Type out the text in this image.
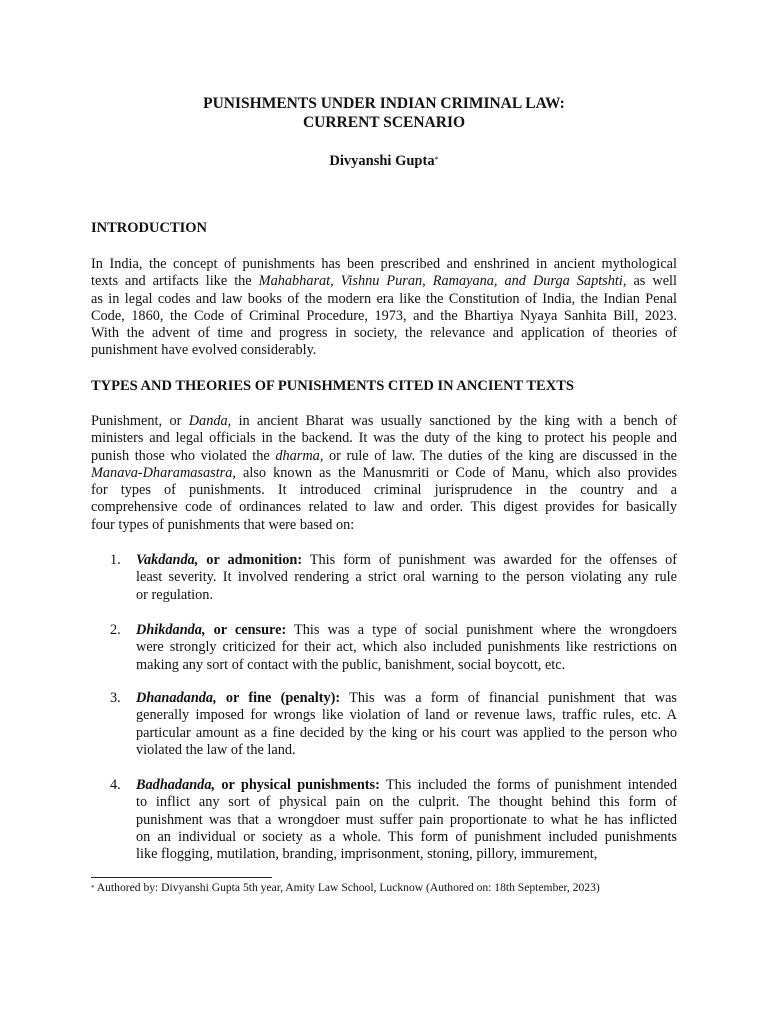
PUNISHMENTS UNDER INDIAN CRIMINAL LAW:
CURRENT SCENARIO
Divyanshi Gupta*
INTRODUCTION
In India, the concept of punishments has been prescribed and enshrined in ancient mythological
texts and artifacts like the Mahabharat, Vishnu Puran, Ramayana, and Durga Saptshti, as well
as in legal codes and law books of the modern era like the Constitution of India, the Indian Penal
Code, 1860, the Code of Criminal Procedure, 1973, and the Bhartiya Nyaya Sanhita Bill, 2023.
With the advent of time and progress in society, the relevance and application of theories of
punishment have evolved considerably.
TYPES AND THEORIES OF PUNISHMENTS CITED IN ANCIENT TEXTS
Punishment, or Danda, in ancient Bharat was usually sanctioned by the king with a bench of
ministers and legal officials in the backend. It was the duty of the king to protect his people and
punish those who violated the dharma, or rule of law. The duties of the king are discussed in the
Manava-Dharamasastra, also known as the Manusmriti or Code of Manu, which also provides
for types of punishments. It introduced criminal jurisprudence in the country and a
comprehensive code of ordinances related to law and order. This digest provides for basically
four types of punishments that were based on:
1.	Vakdanda, or admonition: This form of punishment was awarded for the offenses of
least severity. It involved rendering a strict oral warning to the person violating any rule
or regulation.
2.	Dhikdanda, or censure: This was a type of social punishment where the wrongdoers
were strongly criticized for their act, which also included punishments like restrictions on
making any sort of contact with the public, banishment, social boycott, etc.
3.	Dhanadanda, or fine (penalty): This was a form of financial punishment that was
generally imposed for wrongs like violation of land or revenue laws, traffic rules, etc. A
particular amount as a fine decided by the king or his court was applied to the person who
violated the law of the land.
4.	Badhadanda, or physical punishments: This included the forms of punishment intended
to inflict any sort of physical pain on the culprit. The thought behind this form of
punishment was that a wrongdoer must suffer pain proportionate to what he has inflicted
on an individual or society as a whole. This form of punishment included punishments
like flogging, mutilation, branding, imprisonment, stoning, pillory, immurement,
* Authored by: Divyanshi Gupta 5th year, Amity Law School, Lucknow (Authored on: 18th September, 2023)
